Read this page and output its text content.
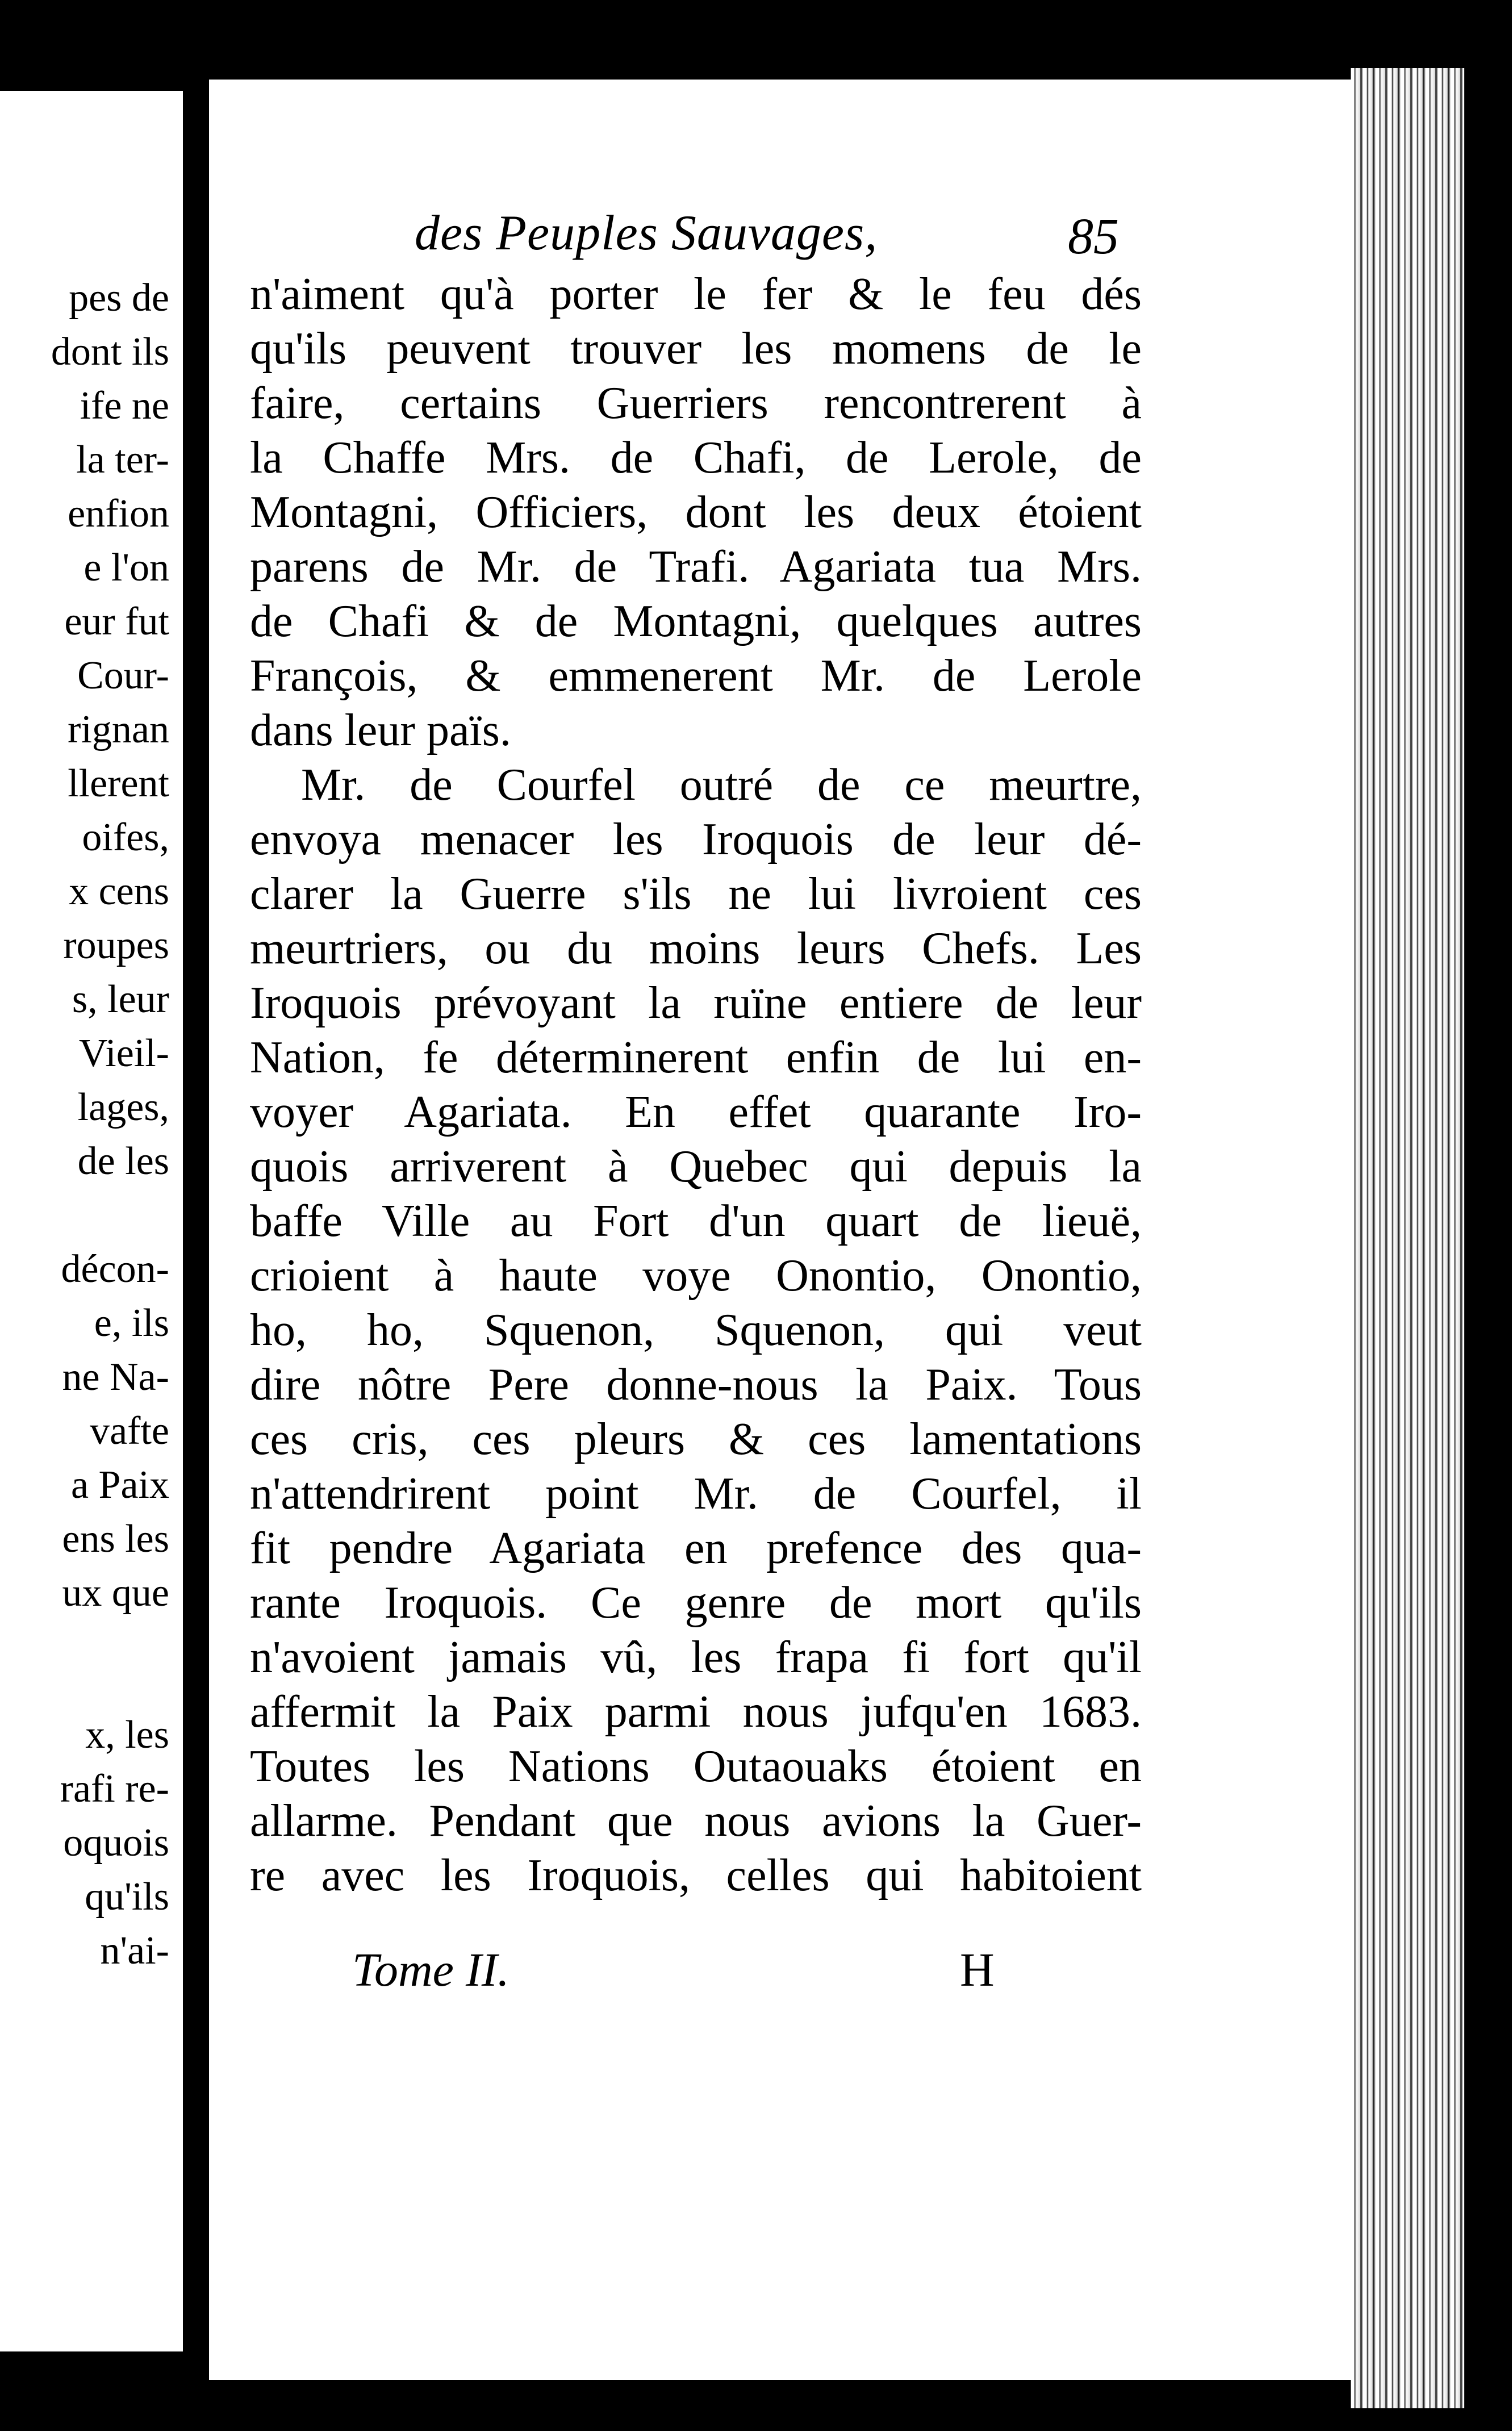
pes de
dont ils
ife ne
la ter-
enfion
e l'on
eur fut
Cour-
rignan
llerent
oifes,
x cens
roupes
s, leur
Vieil-
lages,
de les
décon-
e, ils
ne Na-
vafte
a Paix
ens les
ux que
x, les
rafi re-
oquois
qu'ils
n'ai-
des Peuples Sauvages,	85
n'aiment qu'à porter le fer & le feu dés
qu'ils peuvent trouver les momens de le
faire, certains Guerriers rencontrerent à
la Chaffe Mrs. de Chafi, de Lerole, de
Montagni, Officiers, dont les deux étoient
parens de Mr. de Trafi. Agariata tua Mrs.
de Chafi & de Montagni, quelques autres
François, & emmenerent Mr. de Lerole
dans leur païs.
Mr. de Courfel outré de ce meurtre,
envoya menacer les Iroquois de leur dé-
clarer la Guerre s'ils ne lui livroient ces
meurtriers, ou du moins leurs Chefs. Les
Iroquois prévoyant la ruïne entiere de leur
Nation, fe déterminerent enfin de lui en-
voyer Agariata. En effet quarante Iro-
quois arriverent à Quebec qui depuis la
baffe Ville au Fort d'un quart de lieuë,
crioient à haute voye Onontio, Onontio,
ho, ho, Squenon, Squenon, qui veut
dire nôtre Pere donne-nous la Paix. Tous
ces cris, ces pleurs & ces lamentations
n'attendrirent point Mr. de Courfel, il
fit pendre Agariata en prefence des qua-
rante Iroquois. Ce genre de mort qu'ils
n'avoient jamais vû, les frapa fi fort qu'il
affermit la Paix parmi nous jufqu'en 1683.
Toutes les Nations Outaouaks étoient en
allarme. Pendant que nous avions la Guer-
re avec les Iroquois, celles qui habitoient
Tome II.	H
